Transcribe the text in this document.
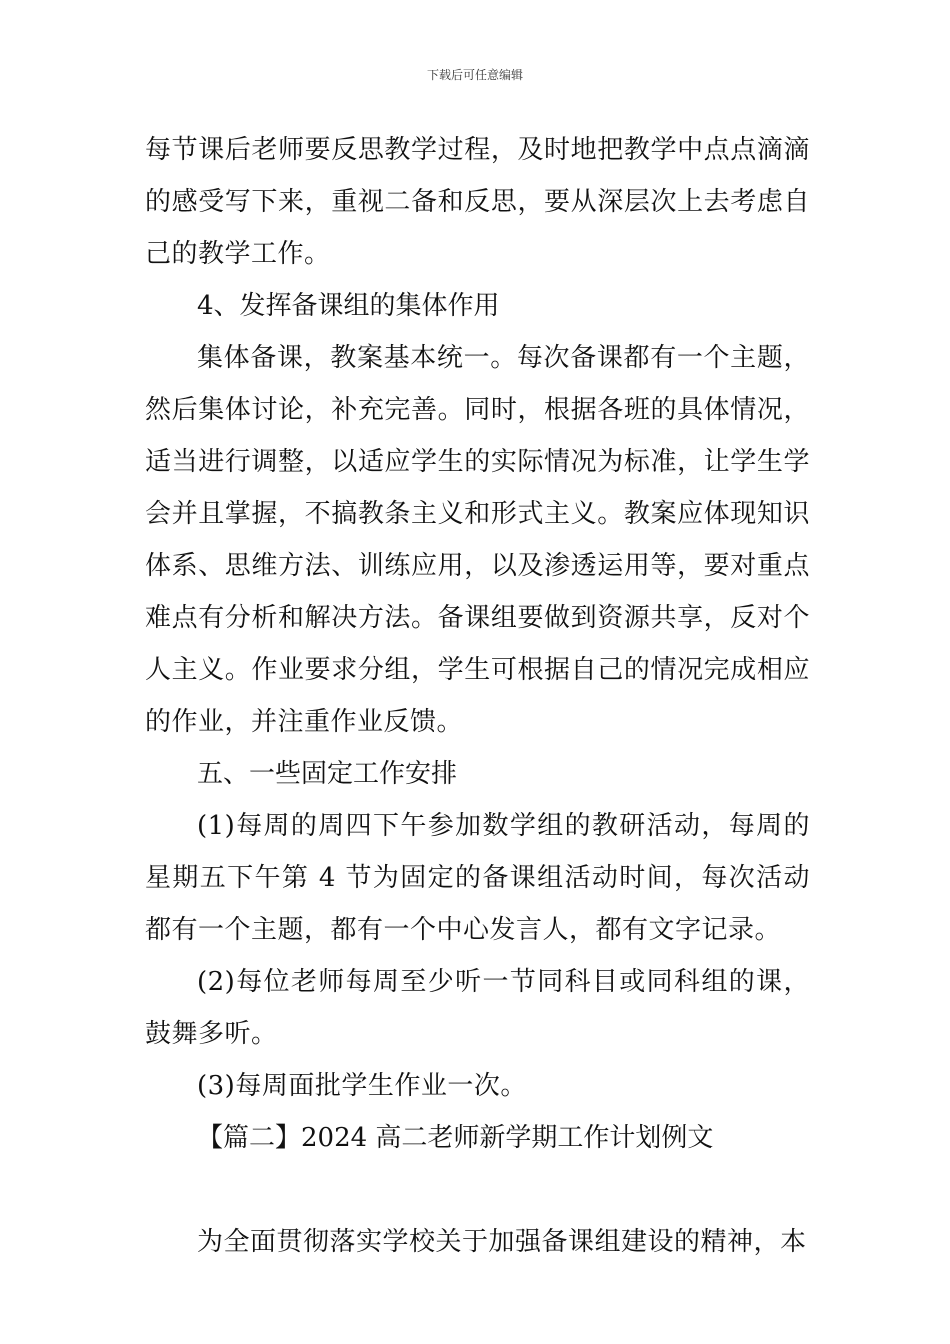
下载后可任意编辑

每节课后老师要反思教学过程，及时地把教学中点点滴滴的感受写下来，重视二备和反思，要从深层次上去考虑自己的教学工作。

4、发挥备课组的集体作用

集体备课，教案基本统一。每次备课都有一个主题，然后集体讨论，补充完善。同时，根据各班的具体情况，适当进行调整，以适应学生的实际情况为标准，让学生学会并且掌握，不搞教条主义和形式主义。教案应体现知识体系、思维方法、训练应用，以及渗透运用等，要对重点难点有分析和解决方法。备课组要做到资源共享，反对个人主义。作业要求分组，学生可根据自己的情况完成相应的作业，并注重作业反馈。

五、一些固定工作安排

(1)每周的周四下午参加数学组的教研活动，每周的星期五下午第 4 节为固定的备课组活动时间，每次活动都有一个主题，都有一个中心发言人，都有文字记录。

(2)每位老师每周至少听一节同科目或同科组的课，鼓舞多听。

(3)每周面批学生作业一次。

【篇二】2024 高二老师新学期工作计划例文

为全面贯彻落实学校关于加强备课组建设的精神，本
